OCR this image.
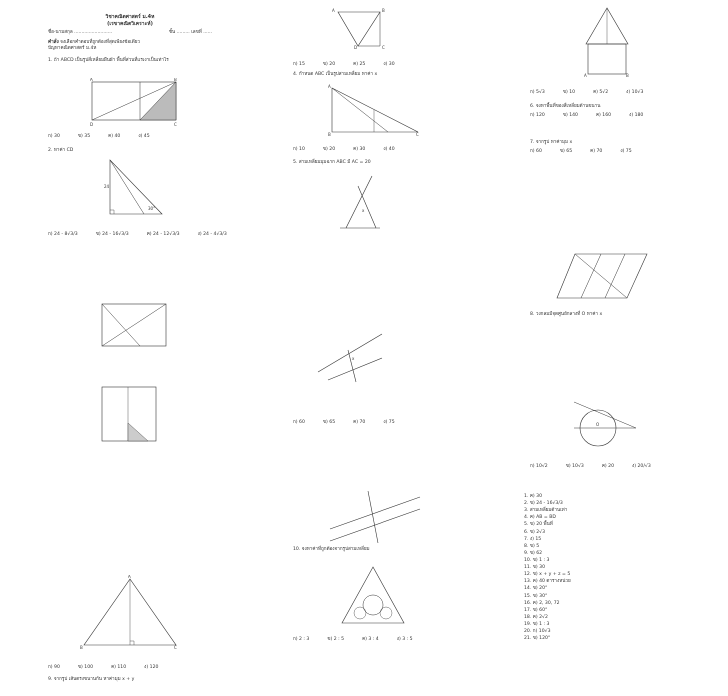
วิชาคณิตศาสตร์ ม.4ห
(เรขาคณิตวิเคราะห์)
ชื่อ-นามสกุล ..........................	ชั้น ......... เลขที่ ......
คำสั่ง จงเลือกคำตอบที่ถูกต้องที่สุดเพียงข้อเดียว
ปัญหาคณิตศาสตร์ ม.4ห
1. ถ้า ABCD เป็นรูปสี่เหลี่ยมผืนผ้า พื้นที่ส่วนที่แรเงาเป็นเท่าไร
A	B
D	C
ก) 30	ข) 35	ค) 40	ง) 45
2. หาค่า CD
24
30°
ก) 24 - 8√3/3	ข) 24 - 16√3/3	ค) 24 - 12√3/3	ง) 24 - 4√3/3
A	B
D	C
ก) 15	ข) 20	ค) 25	ง) 30
4. กำหนด ABC เป็นรูปสามเหลี่ยม หาค่า x
A
B	C
ก) 10	ข) 20	ค) 30	ง) 40
5. สามเหลี่ยมมุมฉาก ABC มี AC = 20
x
A	B
ก) 5√3	ข) 10	ค) 5√2	ง) 10√3
6. จงหาพื้นที่ของสี่เหลี่ยมด้านขนาน
ก) 120	ข) 140	ค) 160	ง) 180
7. จากรูป หาค่ามุม x
ก) 60	ข) 65	ค) 70	ง) 75
x
ก) 60	ข) 65	ค) 70	ง) 75
8. วงกลมมีจุดศูนย์กลางที่ O หาค่า x
O
ก) 10√2	ข) 10√3	ค) 20	ง) 20/√3
B	C
A
ก) 90	ข) 100	ค) 110	ง) 120
9. จากรูป เส้นตรงขนานกัน หาค่ามุม x + y
10. จงหาค่าที่ถูกต้องจากรูปสามเหลี่ยม
ก) 2 : 3	ข) 2 : 5	ค) 3 : 4	ง) 3 : 5
1. ค) 30
2. ข) 24 - 16√3/3
3. สามเหลี่ยมด้านเท่า
4. ค) AB = BD
5. ข) 20 พื้นที่
6. ข) 2√3
7. ง) 15
8. ข) 5
9. ข) 62
10. ข) 1 : 3
11. ข) 30
12. ข) x + y + z = 5
13. ค) 40 ตารางหน่วย
14. ข) 20°
15. ข) 30°
16. ค) 2, 30, 72
17. ข) 60°
18. ค) 2√2
19. ข) 1 : 3
20. ก) 10√3
21. ข) 120°
